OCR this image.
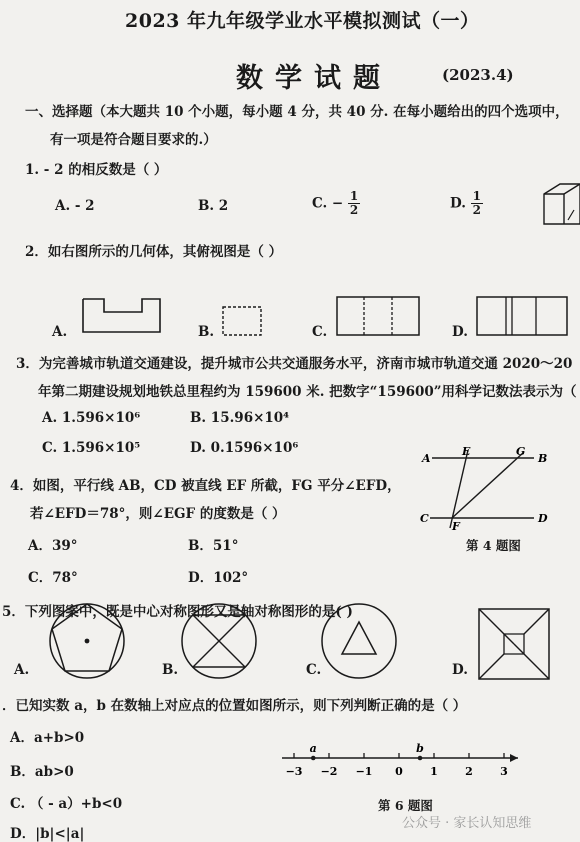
2023 年九年级学业水平模拟测试（一）
数学试题	(2023.4)
一、选择题（本大题共 10 个小题，每小题 4 分，共 40 分. 在每小题给出的四个选项中，
有一项是符合题目要求的.）
1. - 2 的相反数是（ ）
A. - 2	B. 2	C. − $\frac{1}{2}$	D. $\frac{1}{2}$
2．如右图所示的几何体，其俯视图是（ ）
A.	B.	C.	D.
3．为完善城市轨道交通建设，提升城市公共交通服务水平，济南市城市轨道交通 2020～20
年第二期建设规划地铁总里程约为 159600 米. 把数字“159600”用科学记数法表示为（
A. 1.596×10⁶	B. 15.96×10⁴
C. 1.596×10⁵	D. 0.1596×10⁶
4．如图，平行线 AB，CD 被直线 EF 所截，FG 平分∠EFD，
若∠EFD＝78°，则∠EGF 的度数是（ ）
A．39°	B．51°
C．78°	D．102°
A	B
C	D
E	G
F
第 4 题图
5．下列图案中，既是中心对称图形又是轴对称图形的是( )
A.	B.	C.	D.
．已知实数 a，b 在数轴上对应点的位置如图所示，则下列判断正确的是（ ）
A．a+b>0
B．ab>0
C. （ - a）+b<0
D．|b|<|a|
−3 −2 −1 0 1 2 3
a	b
第 6 题图
公众号 · 家长认知思维
